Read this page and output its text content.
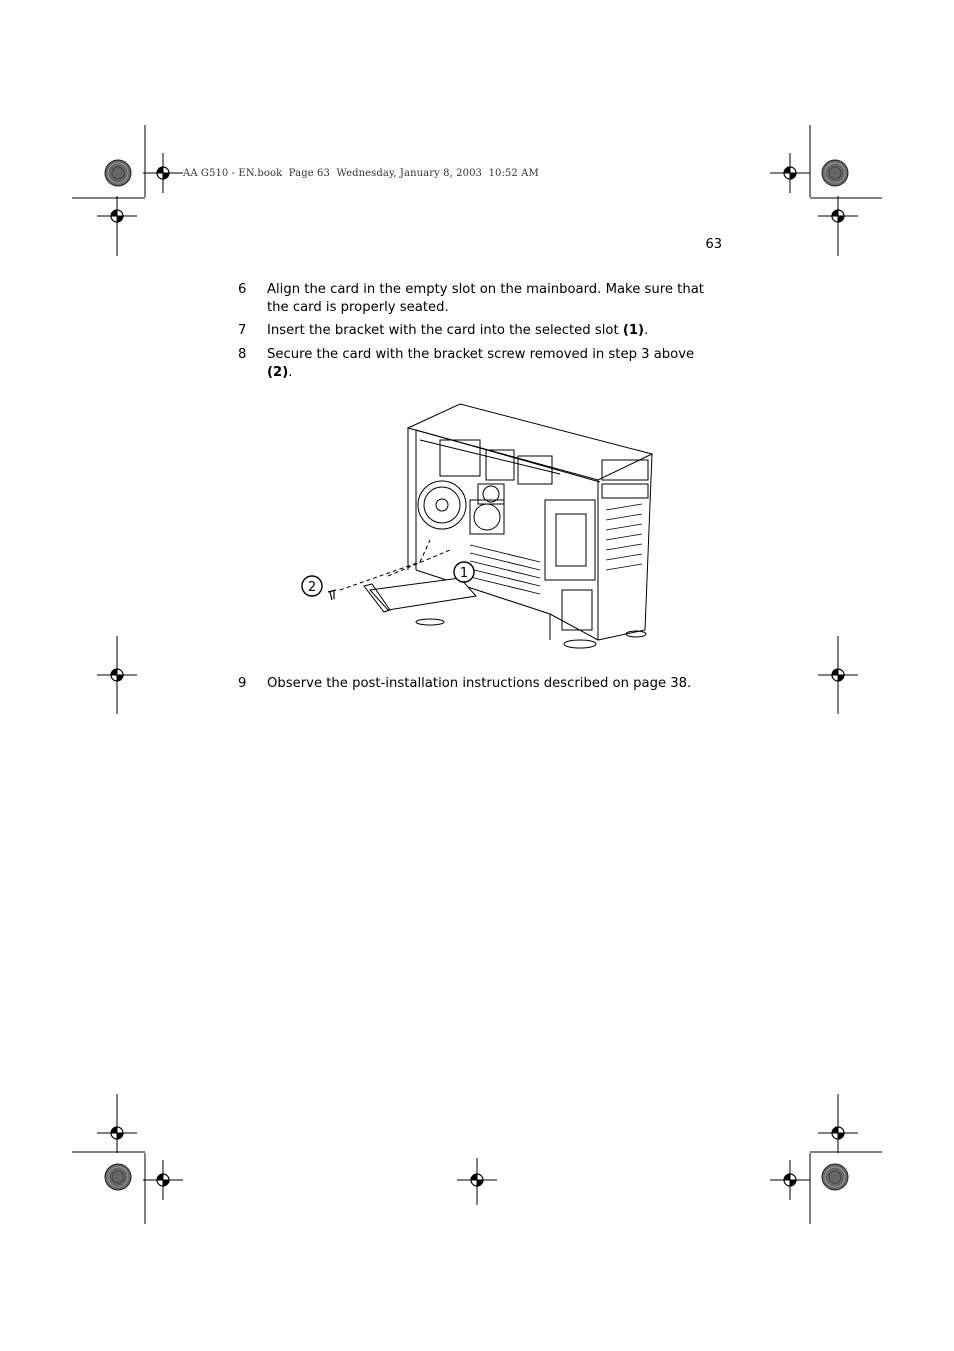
AA G510 - EN.book  Page 63  Wednesday, January 8, 2003  10:52 AM
63
6 Align the card in the empty slot on the mainboard. Make sure that the card is properly seated.
7 Insert the bracket with the card into the selected slot (1).
8 Secure the card with the bracket screw removed in step 3 above (2).
1
2
9 Observe the post-installation instructions described on page 38.
